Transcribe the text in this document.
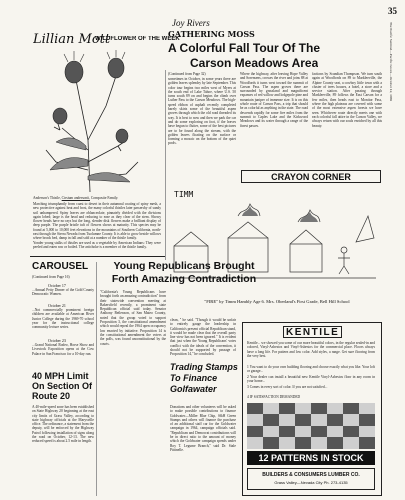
35
The Pacific Sentinel—Pacific Grove—October 12, 1969
Lillian Mott
WILDFLOWER OF THE WEEK
Anderson's Thistle, Cirsium andersonii, Composite Family.
Marching triumphantly from coast to desert in their autumnal coating of spiny mesh, a new protective against heat and frost, the many colorful thistles later passersby of sandy soil unhampered. Spiny leaves are oblanceolate, pinnately divided with the divisions again lobed; large is the head and reducing to ease as they clear of the stem. Showy flower heads have no rays but the long, slender disk flowers make a brilliant display of deep purple. The purple bristle tuft of flowers shows at maturity. This species may be found at 5,000 to 10,000 feet elevations in the mountains of Southern California, north-east through the Sierra Nevada from Tuolumne County. It is able to grow beside willows where brook bed, damp in fall and sold at a number of the thistle family.
Yonder young stalks of thistles are used as a vegetable by American Indians: They were peeled and eaten raw or boiled. The artichoke is a member of the thistle family.
Joy Rivers
GATHERING MOSS
A Colorful Fall Tour Of The
Carson Meadows Area
(Continued from Page 32)
sometimes in October, in some years there are golden leaves splendry by late September. This color tour begins two miles west of Myers at the south end of Lake Tahoe, where U.S. 50 turns south 89 on and begins the climb over Luther Pass to the Carson Meadows. The high-speed ribbon of asphalt recently completed barely skirts some of the beautiful aspen groves through which the old road threaded its way. It is best to now and then we park the car and do some exploring on foot, if the leaves have begun to flutter, some of the best pictures are to be found along the stream, with the golden leaves floating on the surface or forming a mosaic on the bottom of the quiet pools.
Where the highway, after leaving Hope Valley and Sorensens, crosses the river and joins 88 at Woodfords it turns west toward the summit of Carson Pass. The aspen groves there are surrounded by grassland and magnificent expanses of red willow and lodgepole pine and mountain juniper of immense size. It is on this whole route of Carson Pass, a trip that should be as colorful as anything in the state. The road descends rapidly for some five miles from the summit to Caples Lake and the Kirkwood Meadows and its water through a range of the finest passes.
factions by Scandian Thompson. We turn south again at Woodfords on 89 to Markleeville, the Alpine County seat, a cowboy little town with a cluster of trees houses, a hotel, a store and a service station. After passing through Markleeville, 89 follows the East Carson for a few miles, then heads east to Monitor Pass, where the high plateaus are covered with some of the most extensive aspen forests we have seen. Whichever route directly meets one with each colorful fall attire in the Carson Valley, we always return with our souls enriched by all this beauty.
CRAYON CORNER
TIMM
"FIRE" by Timm Hambly Age 6. Mrs. Oberland's First Grade, Bell Hill School
CAROUSEL
(Continued from Page 16)
October 17
...Annual Petty Dinner of the Gold County Democratic Women.
October 21
...Not commercially prominent foreign children are available at American River Junior College during the 1969-70 school year for the instructional college community lecture series.
October 23
...Grand National Rodeo, Horse Show and Livestock Exposition opens at the Cow Palace in San Francisco for a 10-day run.
40 MPH Limit On Section Of Route 20
A 40-mile-speed zone has been established on State Highway 20 beginning at the east city limits of Grass Valley, according to state highway officials at the Marysville office. The ordinance, a statement from the deputy, will be enforced by the Highway Patrol following installation of signs along the road on October, 12-13. The new reduced speed is about 2.5 mile in length.
Young Republicans Brought Forth Amazing Contradiction
"California's Young Republicans have brought forth an amazing contradiction" from their statewide convention meeting at Bakersfield recently, a prominent state Republican official said today. Senator Anthony Beilenson, of San Mateo County, noted that the group voted to support Proposition 3, the constitutional amendment which would repeal the 1964 open occupancy law enacted by initiative. Proposition 14 is the constitutional amendment the voters at the polls, was found unconstitutional by the courts.
clean, " he said. "Though it would be unfair to entirely gauge the leadership in California's present official Republican stand, it would be made clear that the overall party line view has not been ignored." It is evident that just when the Young Republicans' votes conflict with the ideals of the convention, it should not be supported by passage of Proposition 14," he concluded.
Trading Stamps To Finance Golfawater
Donations and other volunteers will be asked to make possible contributions to finance Goldwater—Miller Blue Chip, S&H Green Stamps and others will finance the purchase of an additional staff car for the Goldwater campaign in 1964, campaign officials said. "Republican and Democrat contributions will be in direct ratio to the amount of money which the Goldwater campaign spends under Roy T. Legume Branch," said Dr. Stale Pittinelle.
KENTILE
Kentile... we showed you some of our more beautiful colors, in the regular sealed-in and colored, Vinyl-Asbestos and Vinyl-Asbestos for the commercial place. Floors always have a long life. For pattern and low color. Add styles, a range. Get sure flooring from the very best.
1 You want to do your own building flooring and choose exactly what you like. Your loft or garage...
2 Your dealer can install a beautiful new Kentile Vinyl-Asbestos floor in any room in your home...
3 Comes in every sort of color. If you are not satisfied...
4 IF SATISFACTION DEMANDED
12 PATTERNS IN STOCK
BUILDERS & CONSUMERS LUMBER CO.
Grass Valley—Nevada City Ph. 273-4135
